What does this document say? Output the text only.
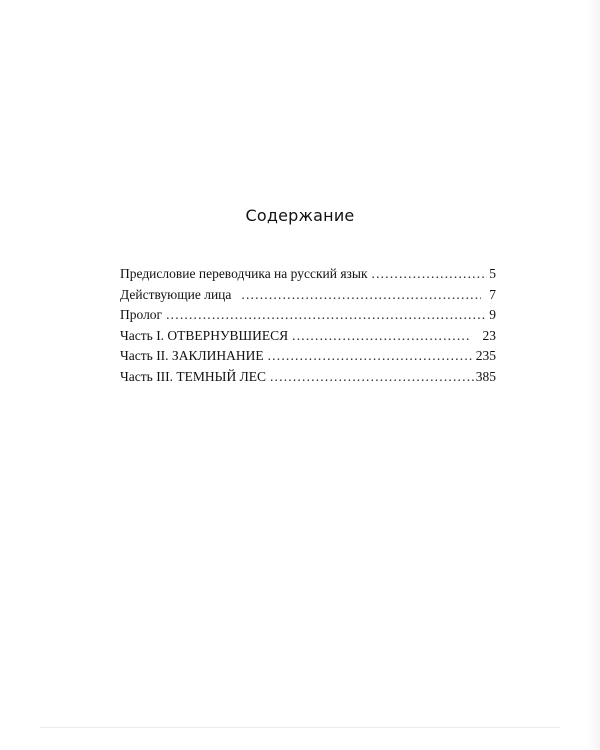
Содержание
Предисловие переводчика на русский язык .....	5
Действующие лица .....	7
Пролог .....	9
Часть I. ОТВЕРНУВШИЕСЯ .....	23
Часть II. ЗАКЛИНАНИЕ .....	235
Часть III. ТЕМНЫЙ ЛЕС .....	385
